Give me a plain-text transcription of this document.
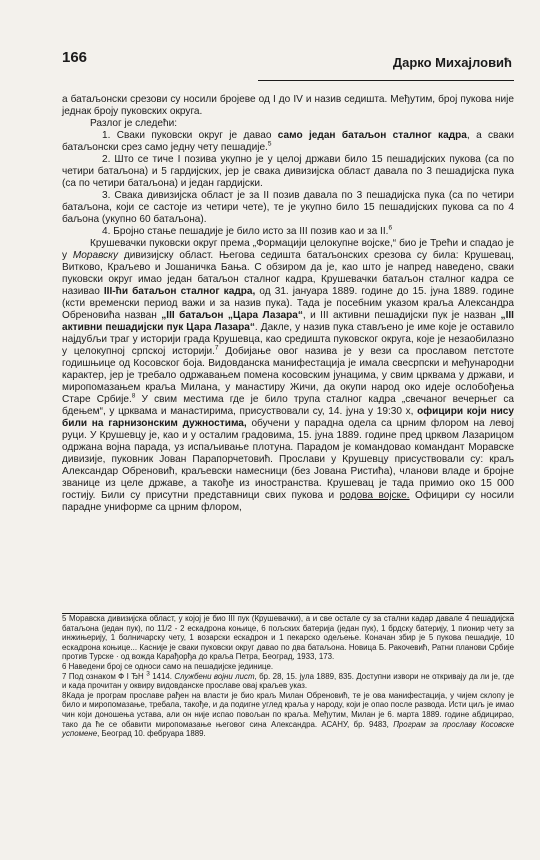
166	Дарко Михајловић

а батаљонски срезови су носили бројеве од I до IV и назив седишта. Међутим, број пукова није једнак броју пуковских округа.

Разлог је следећи:

1. Сваки пуковски округ је давао само један батаљон сталног кадра, а сваки батаљонски срез само једну чету пешадије.$^5$

2. Што се тиче I позива укупно је у целој држави било 15 пешадијских пукова (са по четири батаљона) и 5 гардијских, јер је свака дивизијска област давала по 3 пешадијска пука (са по четири батаљона) и један гардијски.

3. Свака дивизијска област је за II позив давала по 3 пешадијска пука (са по четири батаљона, који се састоје из четири чете), те је укупно било 15 пешадијских пукова са по 4 баљона (укупно 60 батаљона).

4. Бројно стање пешадије је било исто за III позив као и за II.$^6$

Крушевачки пуковски округ према „Формацији целокупне војске,“ био је Трећи и спадао је у Моравску дивизијску област. Његова седишта батаљонских срезова су била: Крушевац, Витково, Краљево и Јошаничка Бања. С обзиром да је, као што је напред наведено, сваки пуковски округ имао један батаљон сталног кадра, Крушевачки батаљон сталног кадра се називао III-ћи батаљон сталног кадра, од 31. јануара 1889. године до 15. јуна 1889. године (ксти временски период важи и за назив пука). Тада је посебним указом краља Александра Обреновића назван „III батаљон „Цара Лазара“, и III активни пешадијски пук је назван „III активни пешадијски пук Цара Лазара“. Дакле, у назив пука стављено је име које је оставило најдубљи траг у историји града Крушевца, као средишта пуковског округа, које је незаобилазно у целокупној српској историји.$^7$ Добијање овог назива је у вези са прославом петстоте годишњице од Косовског боја. Видовданска манифестација је имала свесрпски и међународни карактер, јер је требало одржавањем помена косовским јунацима, у свим црквама у држави, и миропомазањем краља Милана, у манастиру Жичи, да окупи народ око идеје ослобођења Старе Србије.$^8$ У свим местима где је било трупа сталног кадра „свечаног вечерњег са бдењем“, у црквама и манастирима, присуствовали су, 14. јуна у 19:30 х, официри који нису били на гарнизонским дужностима, обучени у парадна одела са црним флором на левој руци. У Крушевцу је, као и у осталим градовима, 15. јуна 1889. године пред црквом Лазарицом одржана војна парада, уз испаљивање плотуна. Парадом је командовао командант Моравске дивизије, пуковник Јован Парапорчетовић. Прослави у Крушевцу присуствовали су: краљ Александар Обреновић, краљевски намесници (без Јована Ристића), чланови владе и бројне званице из целе државе, а такође из иностранства. Крушевац је тада примио око 15 000 гостију. Били су присутни представници свих пукова и родова војске. Официри су носили парадне униформе са црним флором,

5 Моравска дивизијска област, у којој је био III пук (Крушевачки), а и све остале су за стални кадар давале 4 пешадијска батаљона (један пук), по 11/2 - 2 ескадрона коњице, 6 пољских батерија (један пук), 1 брдску батерију, 1 пионир чету за инжињерију, 1 болничарску чету, 1 возарски ескадрон и 1 пекарско одељење. Коначан збир је 5 пукова пешадије, 10 ескадрона коњице... Касније је сваки пуковски округ давао по два батаљона. Новица Б. Ракочевић, Ратни планови Србије против Турске · од вожда Карађорђа до краља Петра, Београд, 1933, 173.

6 Наведени број се односи само на пешадијске јединице.

7 Под ознаком Ф I ЂН $^3$ 1414. Службени војни лист, бр. 28, 15. јула 1889, 835. Доступни извори не откривају да ли је, где и када прочитан у оквиру видовданске прославе овај краљев указ.

8Када је програм прославе рађен на власти је био краљ Милан Обреновић, те је ова манифестација, у чијем склопу је било и миропомазање, требала, такође, и да подигне углед краља у народу, који је опао после развода. Исти циљ је имао чин који доношења устава, али он није испао повољан по краља. Међутим, Милан је 6. марта 1889. године абдицирао, тако да ће се обавити миропомазање његовог сина Александра. АСАНУ, бр. 9483, Програм за прославу Косовске успомене, Београд 10. фебруара 1889.
